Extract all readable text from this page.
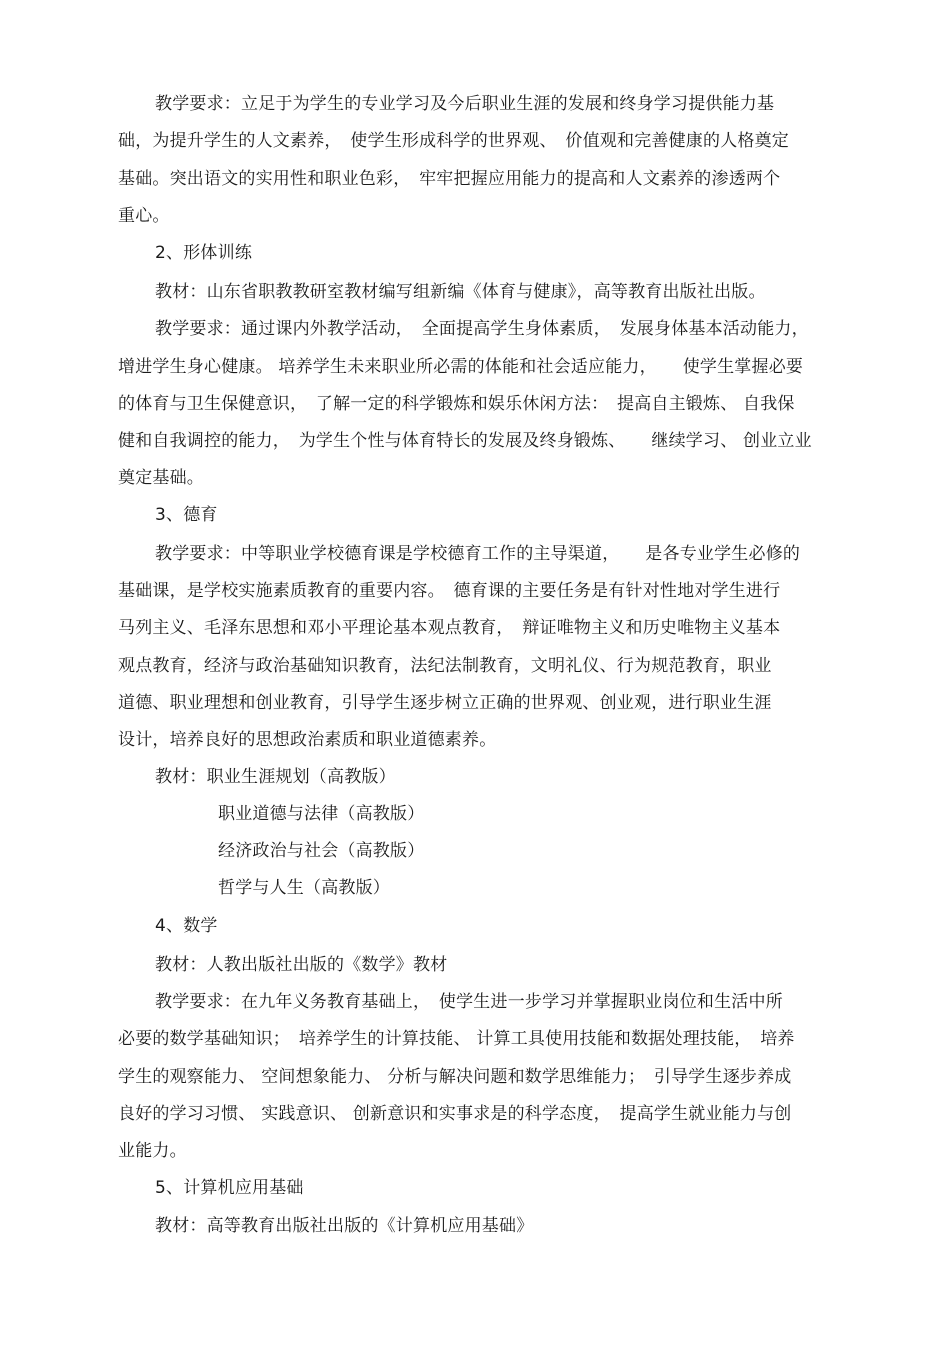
教学要求：立足于为学生的专业学习及今后职业生涯的发展和终身学习提供能力基
础，为提升学生的人文素养，　使学生形成科学的世界观、　价值观和完善健康的人格奠定
基础。突出语文的实用性和职业色彩，　牢牢把握应用能力的提高和人文素养的渗透两个
重心。
2、形体训练
教材：山东省职教教研室教材编写组新编《体育与健康》，高等教育出版社出版。
教学要求：通过课内外教学活动，　全面提高学生身体素质，　发展身体基本活动能力，
增进学生身心健康。 培养学生未来职业所必需的体能和社会适应能力，　　使学生掌握必要
的体育与卫生保健意识，　了解一定的科学锻炼和娱乐休闲方法：　提高自主锻炼、 自我保
健和自我调控的能力，　为学生个性与体育特长的发展及终身锻炼、　　继续学习、 创业立业
奠定基础。
3、德育
教学要求：中等职业学校德育课是学校德育工作的主导渠道，　　是各专业学生必修的
基础课，是学校实施素质教育的重要内容。　德育课的主要任务是有针对性地对学生进行
马列主义、毛泽东思想和邓小平理论基本观点教育，　辩证唯物主义和历史唯物主义基本
观点教育，经济与政治基础知识教育，法纪法制教育，文明礼仪、行为规范教育，职业
道德、职业理想和创业教育，引导学生逐步树立正确的世界观、创业观，进行职业生涯
设计，培养良好的思想政治素质和职业道德素养。
教材：职业生涯规划（高教版）
职业道德与法律（高教版）
经济政治与社会（高教版）
哲学与人生（高教版）
4、数学
教材：人教出版社出版的《数学》教材
教学要求：在九年义务教育基础上，　使学生进一步学习并掌握职业岗位和生活中所
必要的数学基础知识；　培养学生的计算技能、 计算工具使用技能和数据处理技能，　培养
学生的观察能力、 空间想象能力、 分析与解决问题和数学思维能力；　引导学生逐步养成
良好的学习习惯、 实践意识、 创新意识和实事求是的科学态度，　提高学生就业能力与创
业能力。
5、计算机应用基础
教材：高等教育出版社出版的《计算机应用基础》
